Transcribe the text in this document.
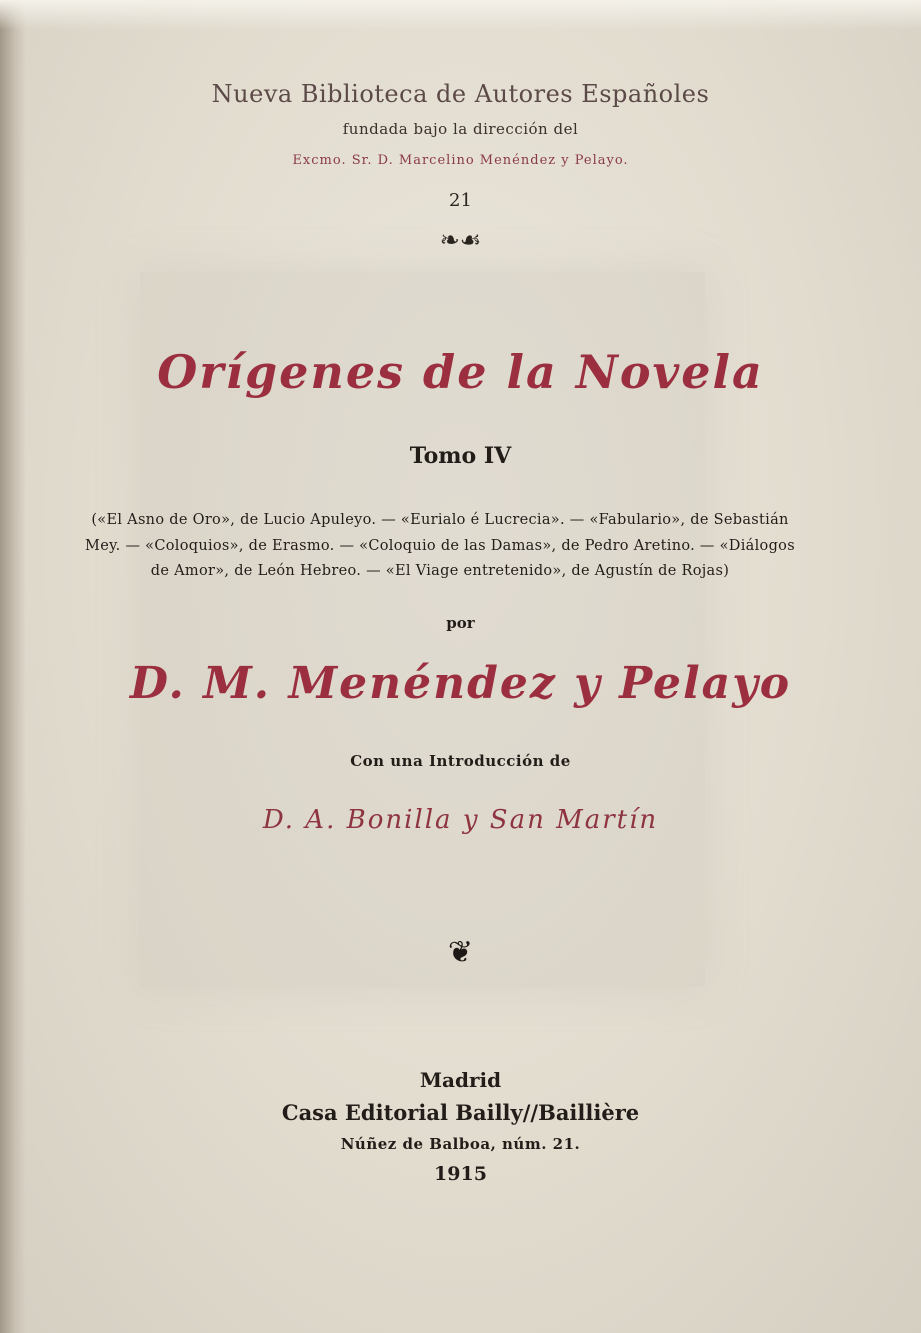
Nueva Biblioteca de Autores Españoles
fundada bajo la dirección del
Excmo. Sr. D. Marcelino Menéndez y Pelayo.
21
❧☙
Orígenes de la Novela
Tomo IV
(«El Asno de Oro», de Lucio Apuleyo. — «Eurialo é Lucrecia». — «Fabulario», de Sebastián
Mey. — «Coloquios», de Erasmo. — «Coloquio de las Damas», de Pedro Aretino. — «Diálogos
de Amor», de León Hebreo. — «El Viage entretenido», de Agustín de Rojas)
por
D. M. Menéndez y Pelayo
Con una Introducción de
D. A. Bonilla y San Martín
❦
Madrid
Casa Editorial Bailly//Baillière
Núñez de Balboa, núm. 21.
1915
